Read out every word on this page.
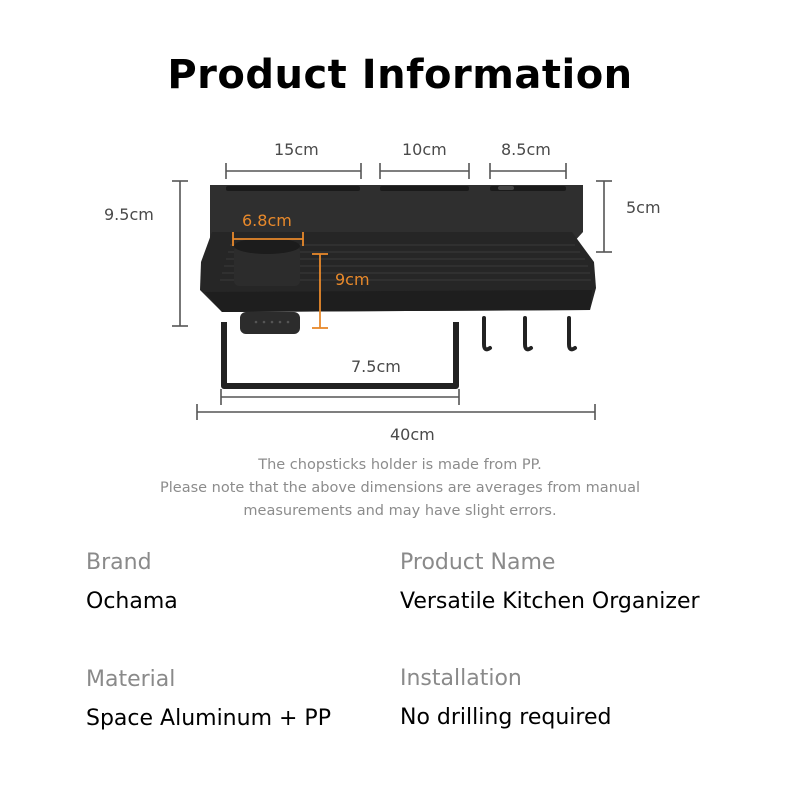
Product Information
15cm	10cm	8.5cm
9.5cm	5cm
6.8cm
9cm
7.5cm
40cm
The chopsticks holder is made from PP.
Please note that the above dimensions are averages from manual
measurements and may have slight errors.
Brand
Ochama
Product Name
Versatile Kitchen Organizer
Material
Space Aluminum + PP
Installation
No drilling required
